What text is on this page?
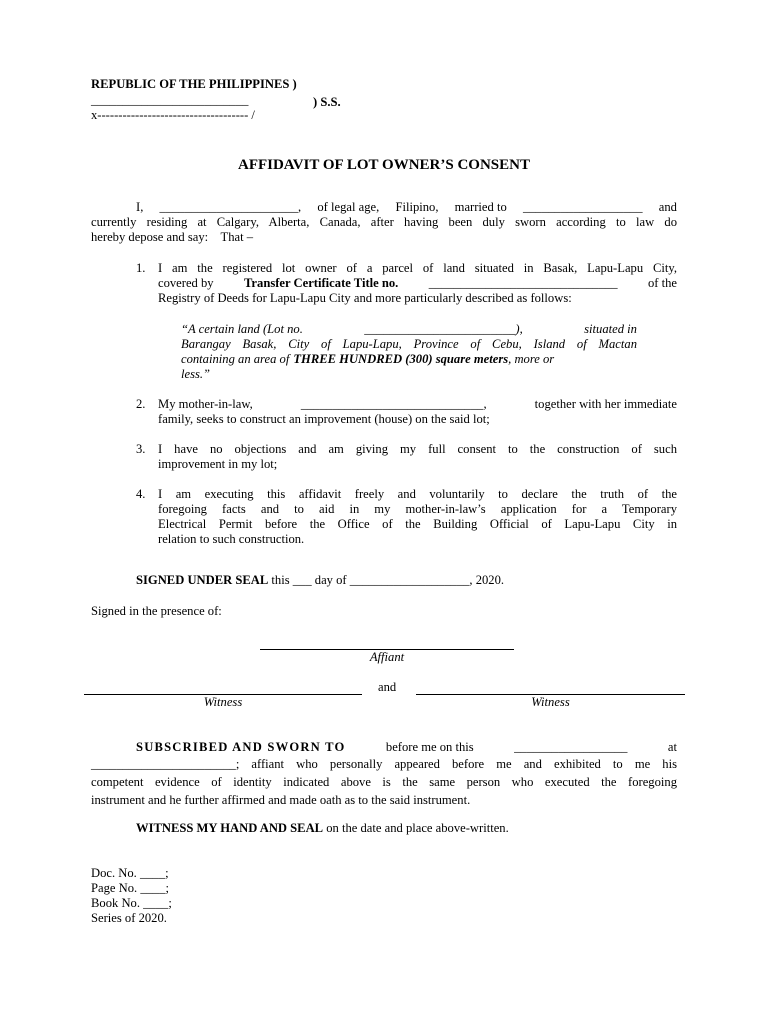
REPUBLIC OF THE PHILIPPINES )
_________________________	) S.S.
x------------------------------------ /
AFFIDAVIT OF LOT OWNER’S CONSENT
I, ______________________, of legal age, Filipino, married to ___________________ and
currently residing at Calgary, Alberta, Canada, after having been duly sworn according to law do
hereby depose and say:    That –
1. I am the registered lot owner of a parcel of land situated in Basak, Lapu-Lapu City,
covered by Transfer Certificate Title no. ______________________________ of the
Registry of Deeds for Lapu-Lapu City and more particularly described as follows:
“A certain land (Lot no.	________________________),	situated in
Barangay Basak, City of Lapu-Lapu, Province of Cebu, Island of Mactan
containing an area of THREE HUNDRED (300) square meters , more or
less.”
2. My mother-in-law,	_____________________________,	together with her immediate
family, seeks to construct an improvement (house) on the said lot;
3. I have no objections and am giving my full consent to the construction of such
improvement in my lot;
4. I am executing this affidavit freely and voluntarily to declare the truth of the
foregoing facts and to aid in my mother-in-law’s application for a Temporary
Electrical Permit before the Office of the Building Official of Lapu-Lapu City in
relation to such construction.
SIGNED UNDER SEAL this ___ day of ___________________, 2020.
Signed in the presence of:
Affiant
and
Witness	Witness
SUBSCRIBED AND SWORN TO	before me on this	__________________	at
_______________________; affiant who personally appeared before me and exhibited to me his
competent evidence of identity indicated above is the same person who executed the foregoing
instrument and he further affirmed and made oath as to the said instrument.
WITNESS MY HAND AND SEAL on the date and place above-written.
Doc. No. ____;
Page No. ____;
Book No. ____;
Series of 2020.
